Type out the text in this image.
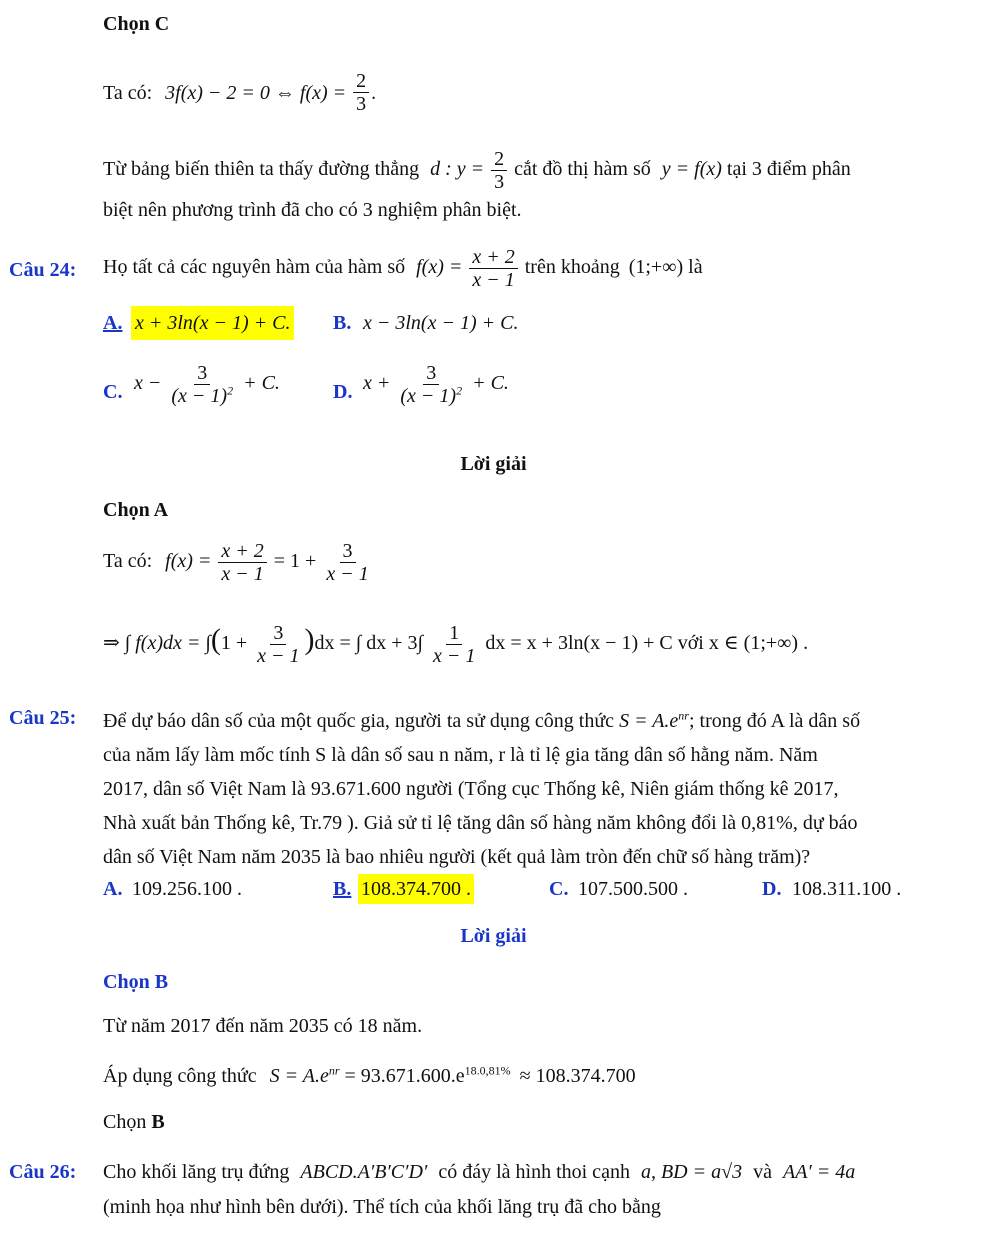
Chọn C
Ta có: 3f(x) − 2 = 0 ⇔ $f(x) = \frac{2}{3}$ .
Từ bảng biến thiên ta thấy đường thẳng d : $y = \frac{2}{3}$ cắt đồ thị hàm số y = f(x) tại 3 điểm phân
biệt nên phương trình đã cho có 3 nghiệm phân biệt.
Câu 24: Họ tất cả các nguyên hàm của hàm số $f(x) = \frac{x + 2}{x - 1}$ trên khoảng (1;+∞) là
A. x + 3ln(x − 1) + C. B. x − 3ln(x − 1) + C.
C. $x - \frac{3}{(x - 1)^2} + C$.	D. $x + \frac{3}{(x - 1)^2} + C$.
Lời giải
Chọn A
Ta có: $f(x) = \frac{x + 2}{x - 1} = 1 + \frac{3}{x - 1}$
⇒ ∫ $f(x)dx = \int(1 + \frac{3}{x - 1} )dx$ = ∫ dx + $3\int \frac{1}{x - 1}$ dx = x + 3ln(x − 1) + C với x ∈ (1;+∞) .
Câu 25: Để dự báo dân số của một quốc gia, người ta sử dụng công thức $S = A.e^{nr}$; trong đó A là dân số
của năm lấy làm mốc tính S là dân số sau n năm, r là tỉ lệ gia tăng dân số hằng năm. Năm
2017, dân số Việt Nam là 93.671.600 người (Tổng cục Thống kê, Niên giám thống kê 2017,
Nhà xuất bản Thống kê, Tr.79 ). Giả sử tỉ lệ tăng dân số hàng năm không đổi là 0,81%, dự báo
dân số Việt Nam năm 2035 là bao nhiêu người (kết quả làm tròn đến chữ số hàng trăm)?
A. 109.256.100 .	B. 108.374.700 .	C. 107.500.500 .	D. 108.311.100 .
Lời giải
Chọn B
Từ năm 2017 đến năm 2035 có 18 năm.
Áp dụng công thức $S = A.e^{nr} = 93.671.600.e^{18.0,81\%} \approx 108.374.700$
Chọn B
Câu 26: Cho khối lăng trụ đứng ABCD.A′B′C′D′ có đáy là hình thoi cạnh a, BD = a√3 và AA′ = 4a
(minh họa như hình bên dưới). Thể tích của khối lăng trụ đã cho bằng
